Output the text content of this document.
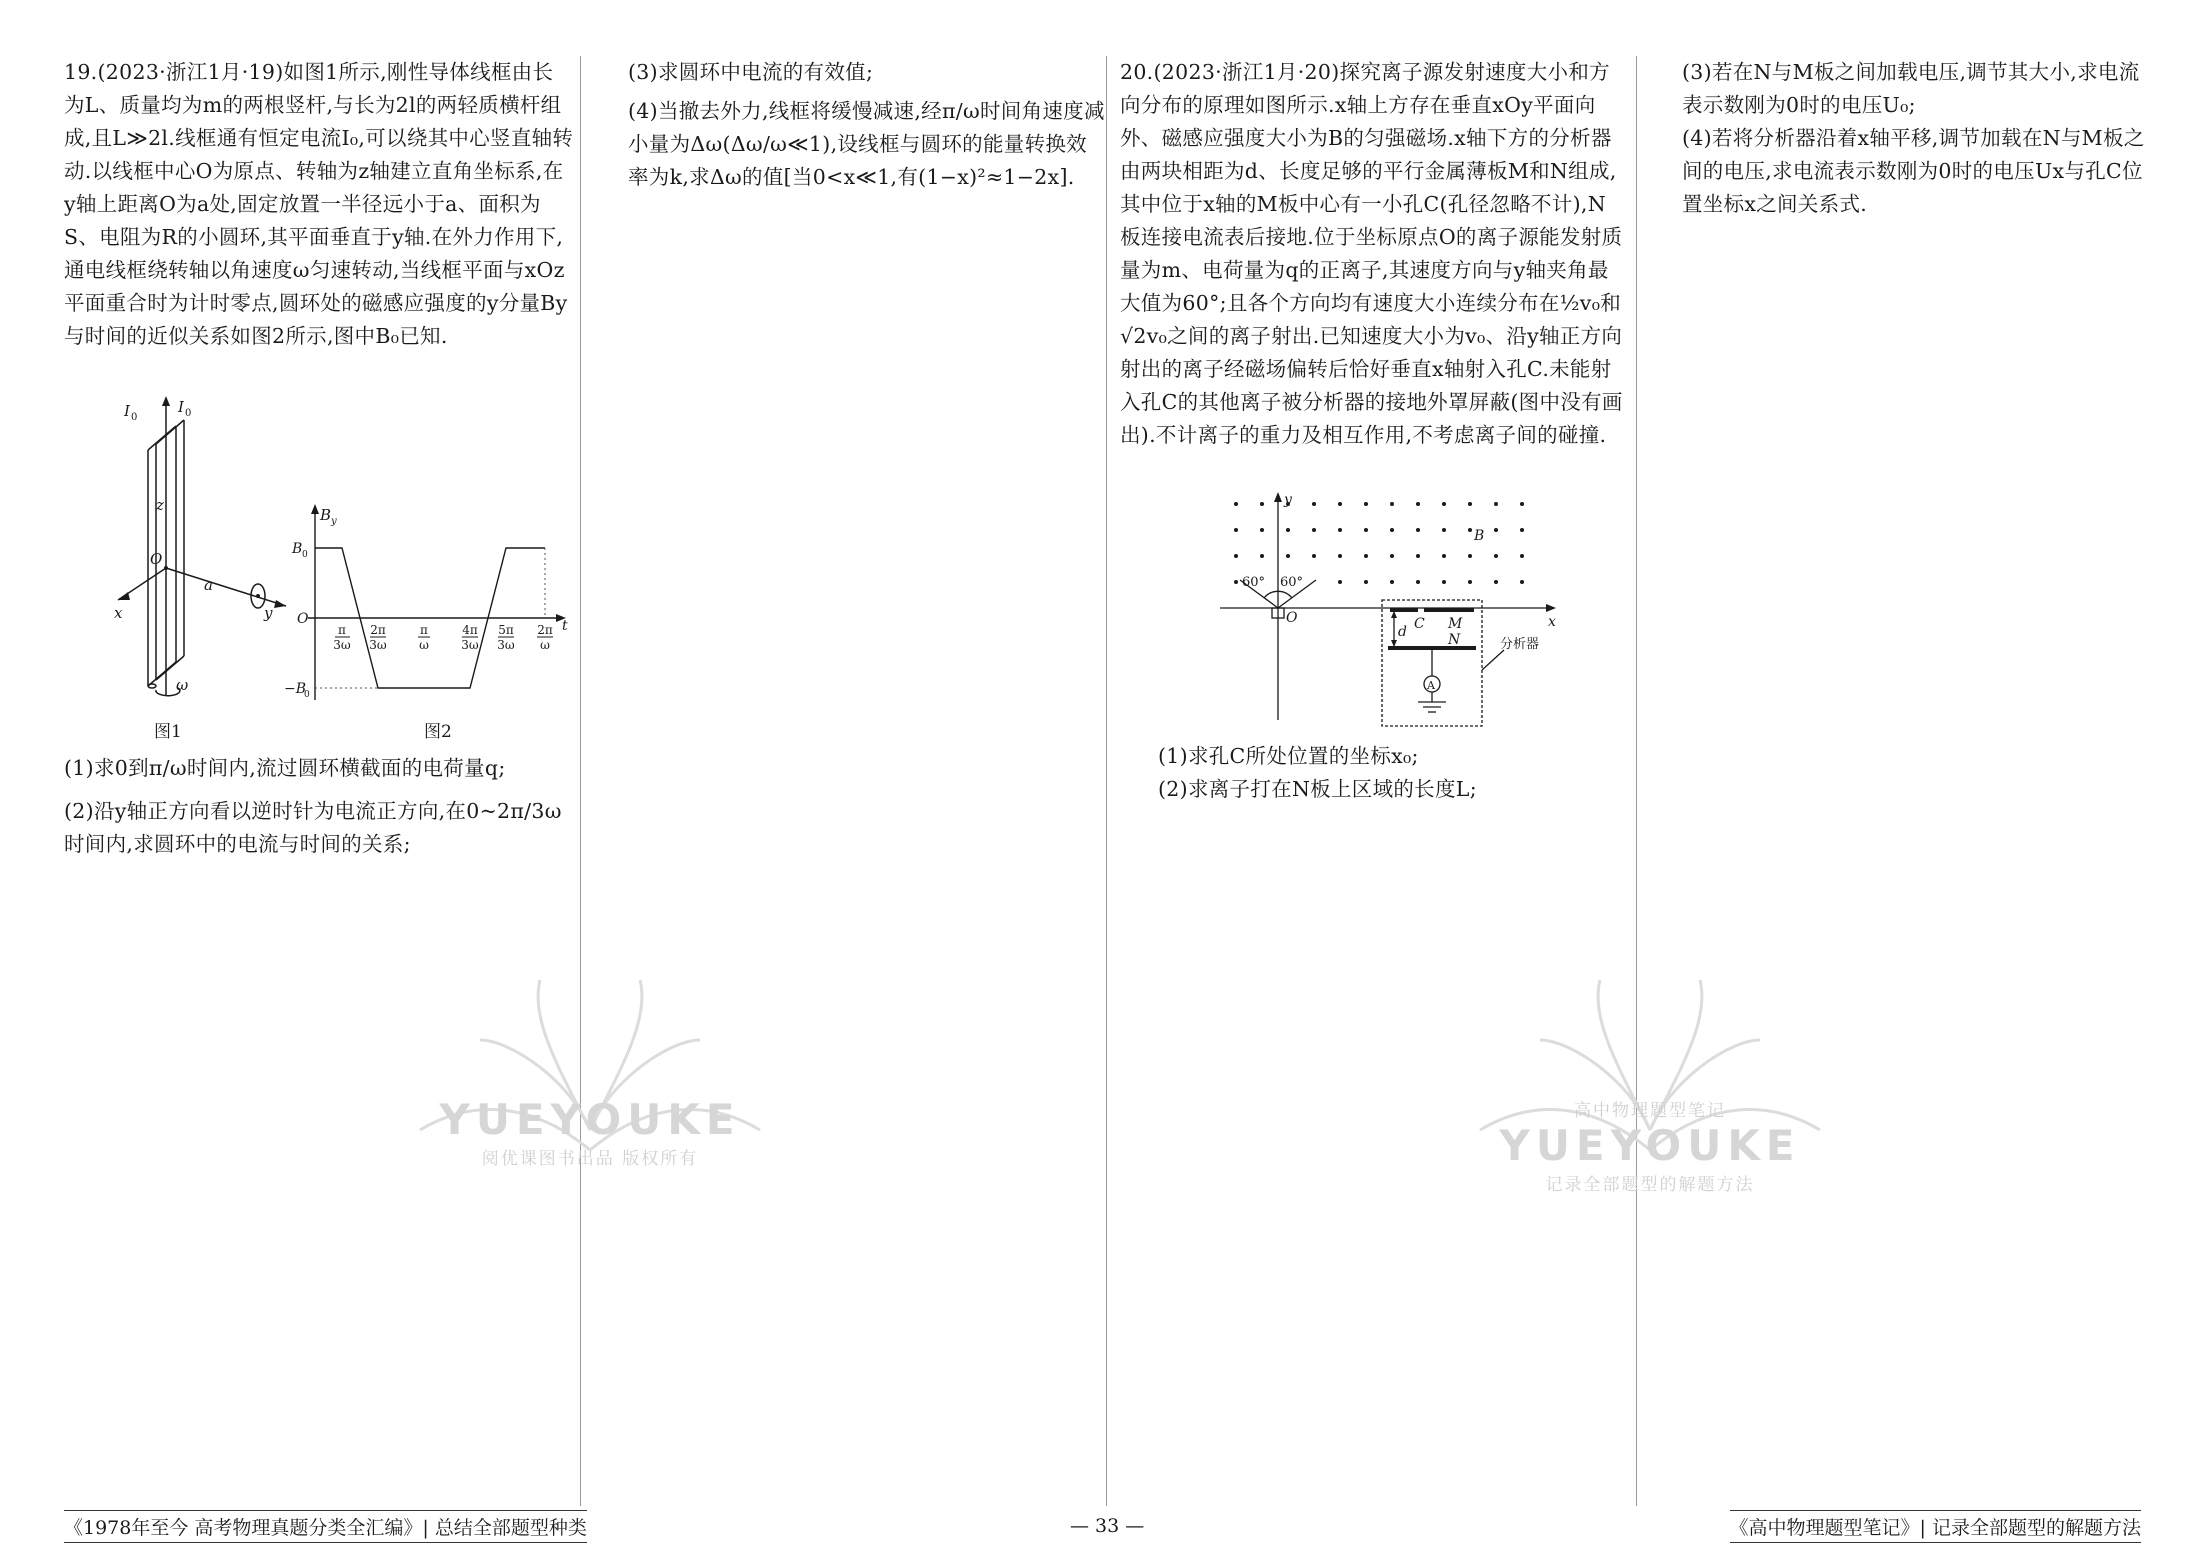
19.(2023·浙江1月·19)如图1所示,刚性导体线框由长为L、质量均为m的两根竖杆,与长为2l的两轻质横杆组成,且L≫2l.线框通有恒定电流I₀,可以绕其中心竖直轴转动.以线框中心O为原点、转轴为z轴建立直角坐标系,在y轴上距离O为a处,固定放置一半径远小于a、面积为S、电阻为R的小圆环,其平面垂直于y轴.在外力作用下,通电线框绕转轴以角速度ω匀速转动,当线框平面与xOz平面重合时为计时零点,圆环处的磁感应强度的y分量By与时间的近似关系如图2所示,图中B₀已知.

I 0
I 0
z
O
a
x	y
ω
图1
B y
B 0
O	t
−B
0
π
3ω
2π
3ω
π
ω
4π
3ω
5π
3ω
2π
ω
图2

(1)求0到π/ω时间内,流过圆环横截面的电荷量q;

(2)沿y轴正方向看以逆时针为电流正方向,在0~2π/3ω时间内,求圆环中的电流与时间的关系;

(3)求圆环中电流的有效值;

(4)当撤去外力,线框将缓慢减速,经π/ω时间角速度减小量为Δω(Δω/ω≪1),设线框与圆环的能量转换效率为k,求Δω的值[当0<x≪1,有(1−x)²≈1−2x].

20.(2023·浙江1月·20)探究离子源发射速度大小和方向分布的原理如图所示.x轴上方存在垂直xOy平面向外、磁感应强度大小为B的匀强磁场.x轴下方的分析器由两块相距为d、长度足够的平行金属薄板M和N组成,其中位于x轴的M板中心有一小孔C(孔径忽略不计),N板连接电流表后接地.位于坐标原点O的离子源能发射质量为m、电荷量为q的正离子,其速度方向与y轴夹角最大值为60°;且各个方向均有速度大小连续分布在½v₀和√2v₀之间的离子射出.已知速度大小为v₀、沿y轴正方向射出的离子经磁场偏转后恰好垂直x轴射入孔C.未能射入孔C的其他离子被分析器的接地外罩屏蔽(图中没有画出).不计离子的重力及相互作用,不考虑离子间的碰撞.

y
x
O
60° 60°
B
C M
N
d
A
分析器

(1)求孔C所处位置的坐标x₀;

(2)求离子打在N板上区域的长度L;

(3)若在N与M板之间加载电压,调节其大小,求电流表示数刚为0时的电压U₀;

(4)若将分析器沿着x轴平移,调节加载在N与M板之间的电压,求电流表示数刚为0时的电压Ux与孔C位置坐标x之间关系式.

YUEYOUKE
阅优课图书出品 版权所有
高中物理题型笔记
YUEYOUKE
记录全部题型的解题方法
《1978年至今 高考物理真题分类全汇编》| 总结全部题型种类	— 33 —	《高中物理题型笔记》| 记录全部题型的解题方法
